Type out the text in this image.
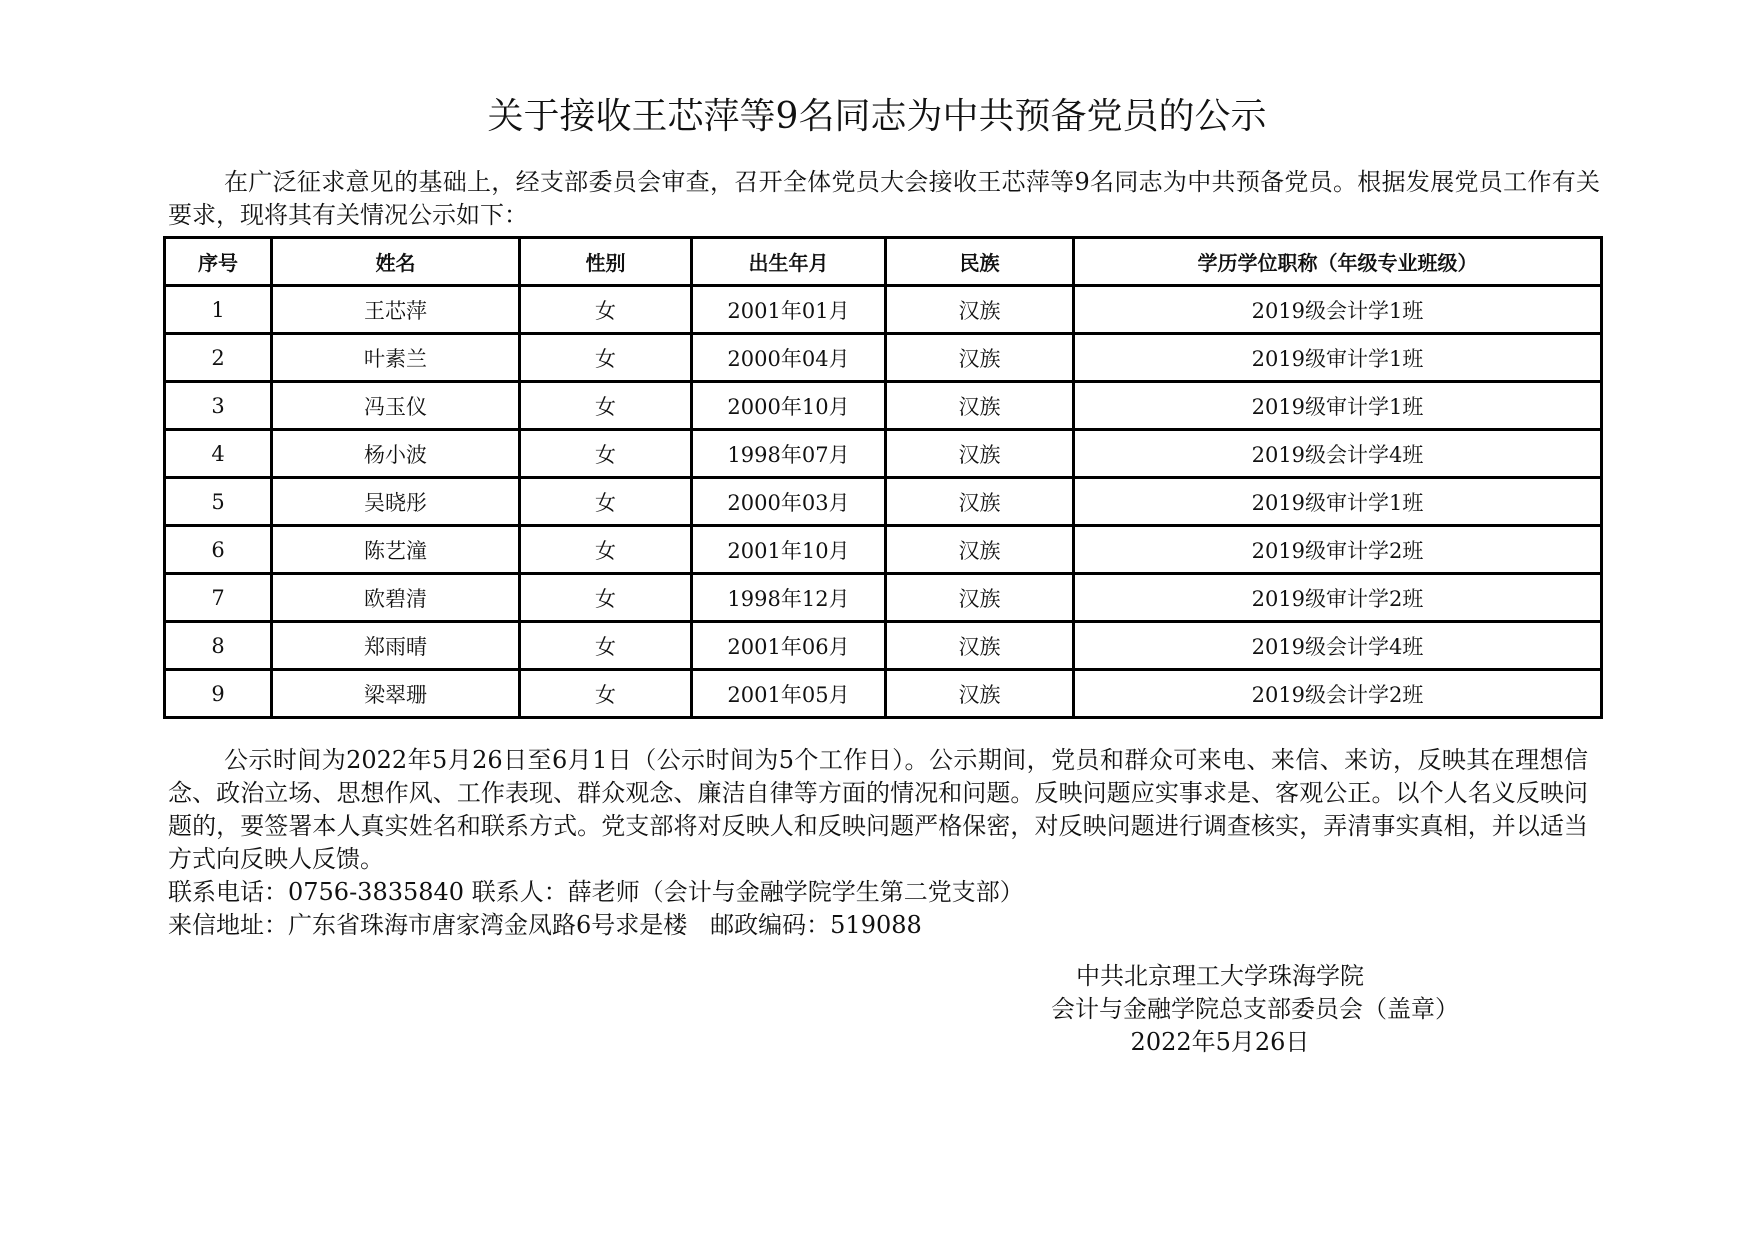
关于接收王芯萍等9名同志为中共预备党员的公示
在广泛征求意见的基础上，经支部委员会审查，召开全体党员大会接收王芯萍等9名同志为中共预备党员。根据发展党员工作有关要求，现将其有关情况公示如下：
序号	姓名	性别	出生年月	民族	学历学位职称（年级专业班级）
1	王芯萍	女	2001年01月	汉族	2019级会计学1班
2	叶素兰	女	2000年04月	汉族	2019级审计学1班
3	冯玉仪	女	2000年10月	汉族	2019级审计学1班
4	杨小波	女	1998年07月	汉族	2019级会计学4班
5	吴晓彤	女	2000年03月	汉族	2019级审计学1班
6	陈艺潼	女	2001年10月	汉族	2019级审计学2班
7	欧碧清	女	1998年12月	汉族	2019级审计学2班
8	郑雨晴	女	2001年06月	汉族	2019级会计学4班
9	梁翠珊	女	2001年05月	汉族	2019级会计学2班
公示时间为2022年5月26日至6月1日（公示时间为5个工作日）。公示期间，党员和群众可来电、来信、来访，反映其在理想信念、政治立场、思想作风、工作表现、群众观念、廉洁自律等方面的情况和问题。反映问题应实事求是、客观公正。以个人名义反映问题的，要签署本人真实姓名和联系方式。党支部将对反映人和反映问题严格保密，对反映问题进行调查核实，弄清事实真相，并以适当方式向反映人反馈。
联系电话：0756-3835840 联系人：薛老师（会计与金融学院学生第二党支部）
来信地址：广东省珠海市唐家湾金凤路6号求是楼   邮政编码：519088
中共北京理工大学珠海学院
会计与金融学院总支部委员会（盖章）
2022年5月26日
